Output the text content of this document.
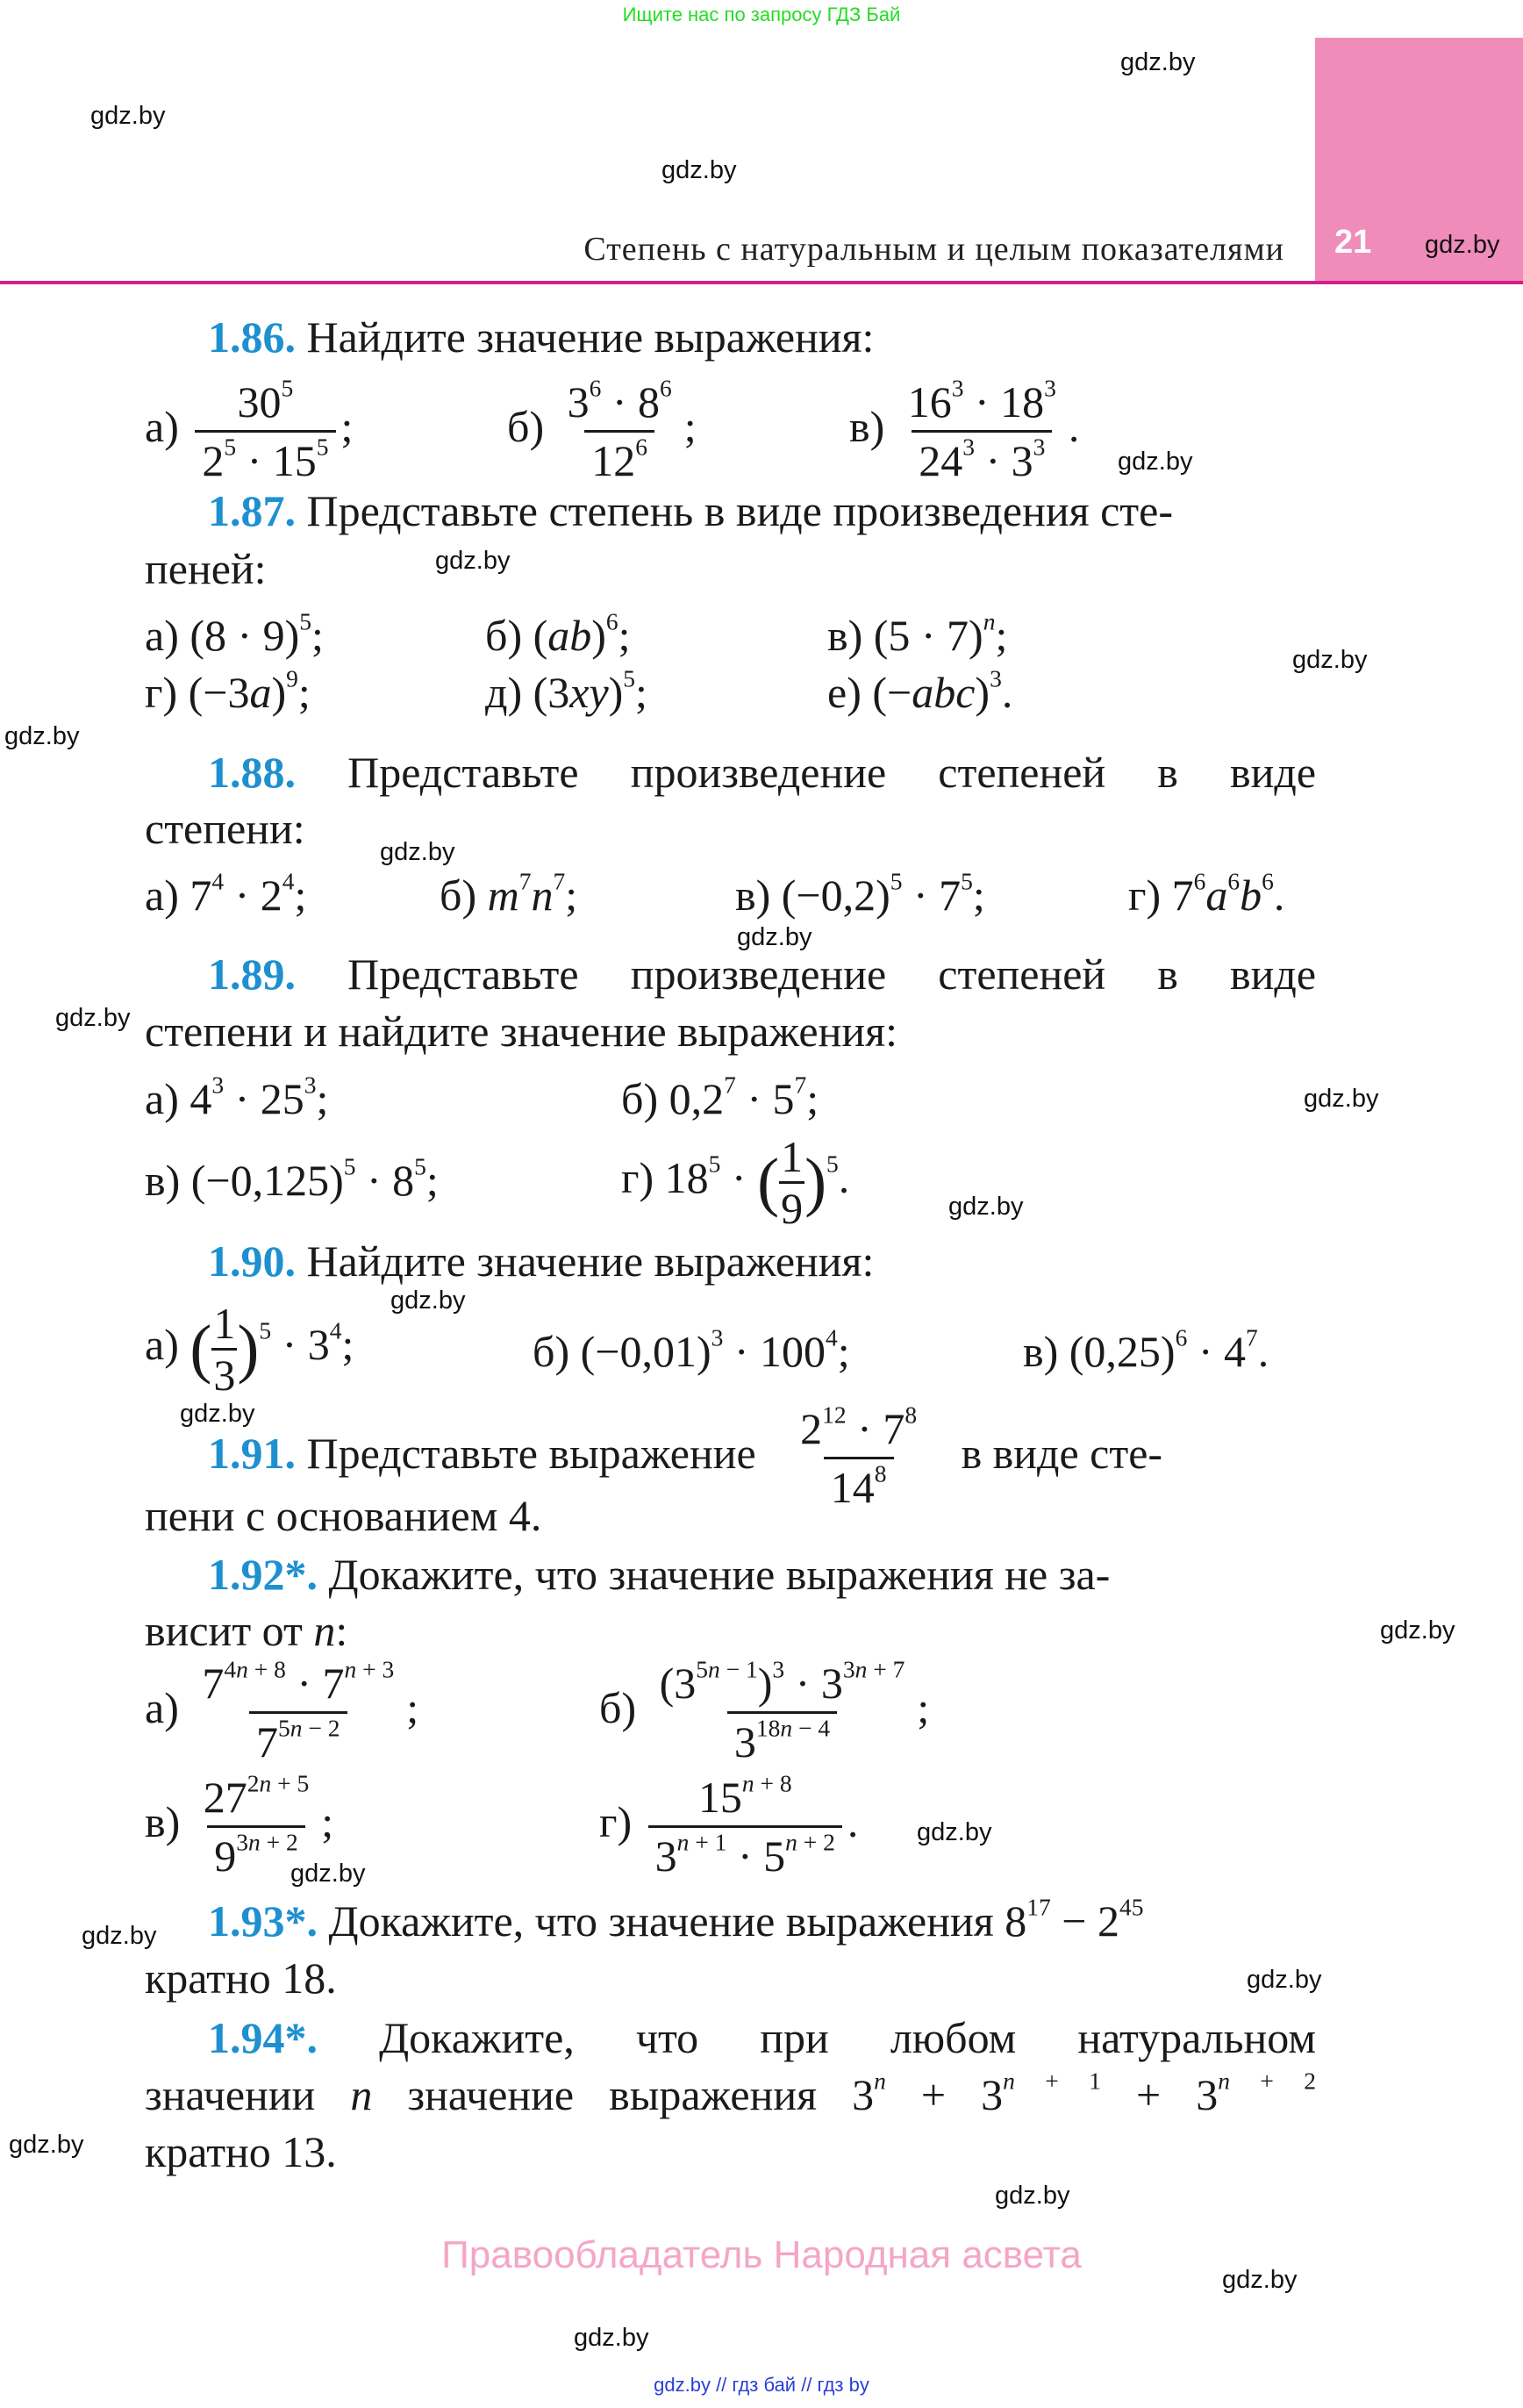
Ищите нас по запросу ГДЗ Бай
21
Степень с натуральным и целым показателями
gdz.by
gdz.by
gdz.by
gdz.by
gdz.by
gdz.by
gdz.by
gdz.by
gdz.by
gdz.by
gdz.by
gdz.by
gdz.by
gdz.by
gdz.by
gdz.by
gdz.by
gdz.by
gdz.by
gdz.by
gdz.by
gdz.by
gdz.by
gdz.by
1.86. Найдите значение выражения:
$а) \frac{30^5}{2^5 \cdot 15^5}$ ;	$б) \frac{3^6 \cdot 8^6}{12^6}$ ;	$в) \frac{16^3 \cdot 18^3}{24^3 \cdot 3^3}$ .
1.87. Представьте степень в виде произведения сте-
пеней:
а) $(8 \cdot 9)^5$;	б) (ab)$^6$;	в) $(5 \cdot 7)^n$;
г) $(-3a)^9$;	д) $(3xy)^5$;	е) $(-abc)^3$.
1.88. Представьте произведение степеней в виде
степени:
а) $7^4 \cdot 2^4$;	б) $m^7n^7$;	в) $(-0,2)^5 \cdot 7^5$;	г) $7^6a^6b^6$.
1.89. Представьте произведение степеней в виде
степени и найдите значение выражения:
а) $4^3 \cdot 25^3$;	б) $0,2^7 \cdot 5^7$;
в) $(-0,125)^5 \cdot 8^5$;	г) $18^5$ · ( $\frac{1}{9} )^5$.
1.90. Найдите значение выражения:
а) ( $\frac{1}{3} )^5 \cdot 3^4$;	б) $(-0,01)^3 \cdot 100^4$;	в) $(0,25)^6 \cdot 4^7$.
1.91. Представьте выражение $\frac{2^{12} \cdot 7^8}{14^8}$ в виде сте-
пени с основанием 4.
1.92*. Докажите, что значение выражения не за-
висит от n:
$а) \frac{7^{4n + 8} \cdot 7^{n + 3}}{7^{5n - 2}}$ ;	$б) \frac{(3^{5n - 1})^3 \cdot 3^{3n + 7}}{3^{18n - 4}}$ ;
$в) \frac{27^{2n + 5}}{9^{3n + 2}}$ ;	$г) \frac{15^{n + 8}}{3^{n + 1} \cdot 5^{n + 2}}$ .
1.93*. Докажите, что значение выражения $8^{17} - 2^{45}$
кратно 18.
1.94*. Докажите, что при любом натуральном
значении n значение выражения $3^n + 3^{n + 1} + 3^{n + 2}$
кратно 13.
Правообладатель Народная асвета
gdz.by // гдз бай // гдз by
